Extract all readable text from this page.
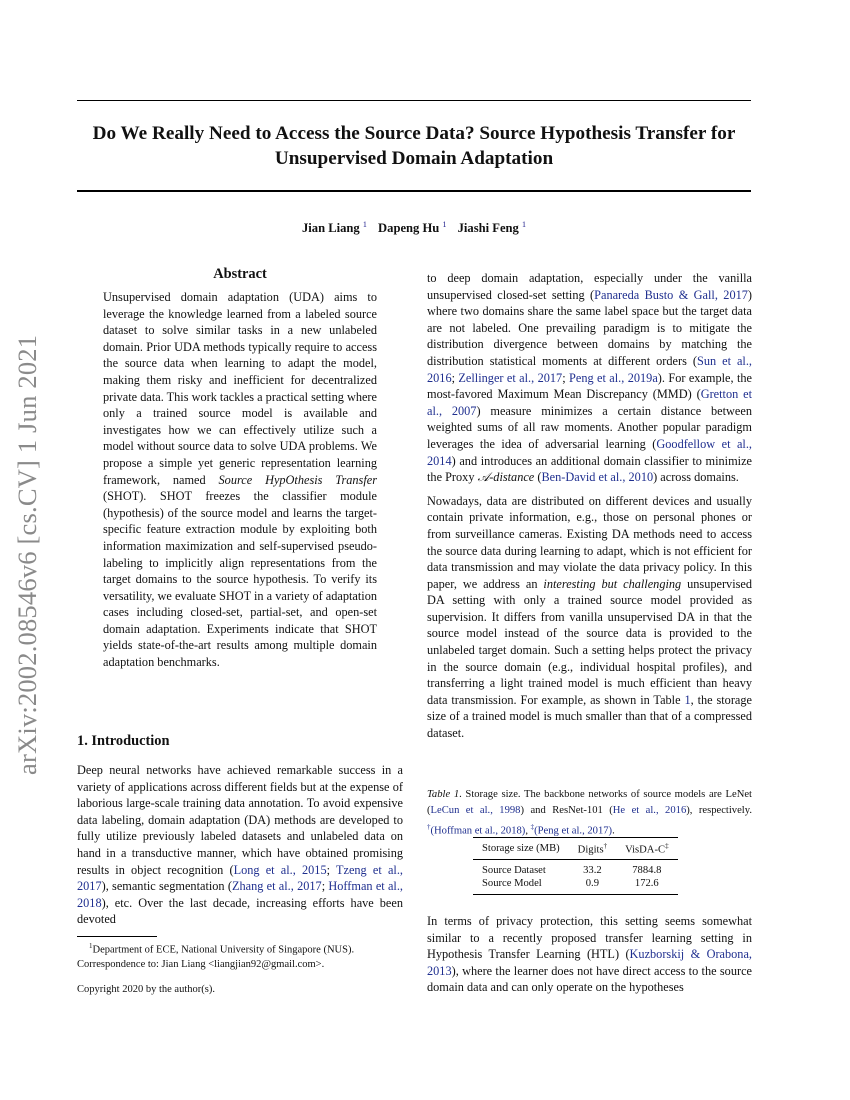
arXiv:2002.08546v6 [cs.CV] 1 Jun 2021
Do We Really Need to Access the Source Data? Source Hypothesis Transfer for
Unsupervised Domain Adaptation
Jian Liang $^1$ Dapeng Hu $^1$ Jiashi Feng $^1$
Abstract
Unsupervised domain adaptation (UDA) aims to leverage the knowledge learned from a labeled source dataset to solve similar tasks in a new unlabeled domain. Prior UDA methods typically require to access the source data when learning to adapt the model, making them risky and inefficient for decentralized private data. This work tackles a practical setting where only a trained source model is available and investigates how we can effectively utilize such a model without source data to solve UDA problems. We propose a simple yet generic representation learning framework, named Source HypOthesis Transfer (SHOT). SHOT freezes the classifier module (hypothesis) of the source model and learns the target-specific feature extraction module by exploiting both information maximization and self-supervised pseudo-labeling to implicitly align representations from the target domains to the source hypothesis. To verify its versatility, we evaluate SHOT in a variety of adaptation cases including closed-set, partial-set, and open-set domain adaptation. Experiments indicate that SHOT yields state-of-the-art results among multiple domain adaptation benchmarks.
1. Introduction

Deep neural networks have achieved remarkable success in a variety of applications across different fields but at the expense of laborious large-scale training data annotation. To avoid expensive data labeling, domain adaptation (DA) methods are developed to fully utilize previously labeled datasets and unlabeled data on hand in a transductive manner, which have obtained promising results in object recognition (Long et al., 2015; Tzeng et al., 2017), semantic segmentation (Zhang et al., 2017; Hoffman et al., 2018), etc. Over the last decade, increasing efforts have been devoted

$^1$Department of ECE, National University of Singapore (NUS).
Correspondence to: Jian Liang <liangjian92@gmail.com>.
Copyright 2020 by the author(s).

to deep domain adaptation, especially under the vanilla unsupervised closed-set setting (Panareda Busto & Gall, 2017) where two domains share the same label space but the target data are not labeled. One prevailing paradigm is to mitigate the distribution divergence between domains by matching the distribution statistical moments at different orders (Sun et al., 2016; Zellinger et al., 2017; Peng et al., 2019a). For example, the most-favored Maximum Mean Discrepancy (MMD) (Gretton et al., 2007) measure minimizes a certain distance between weighted sums of all raw moments. Another popular paradigm leverages the idea of adversarial learning (Goodfellow et al., 2014) and introduces an additional domain classifier to minimize the Proxy 𝒜-distance (Ben-David et al., 2010) across domains.

Nowadays, data are distributed on different devices and usually contain private information, e.g., those on personal phones or from surveillance cameras. Existing DA methods need to access the source data during learning to adapt, which is not efficient for data transmission and may violate the data privacy policy. In this paper, we address an interesting but challenging unsupervised DA setting with only a trained source model provided as supervision. It differs from vanilla unsupervised DA in that the source model instead of the source data is provided to the unlabeled target domain. Such a setting helps protect the privacy in the source domain (e.g., individual hospital profiles), and transferring a light trained model is much efficient than heavy data transmission. For example, as shown in Table 1, the storage size of a trained model is much smaller than that of a compressed dataset.

Table 1. Storage size. The backbone networks of source models are LeNet (LeCun et al., 1998) and ResNet-101 (He et al., 2016), respectively. †(Hoffman et al., 2018), ‡(Peng et al., 2017).
Storage size (MB)	Digits†	VisDA-C‡
Source Dataset	33.2	7884.8
Source Model	0.9	172.6

In terms of privacy protection, this setting seems somewhat similar to a recently proposed transfer learning setting in Hypothesis Transfer Learning (HTL) (Kuzborskij & Orabona, 2013), where the learner does not have direct access to the source domain data and can only operate on the hypotheses
